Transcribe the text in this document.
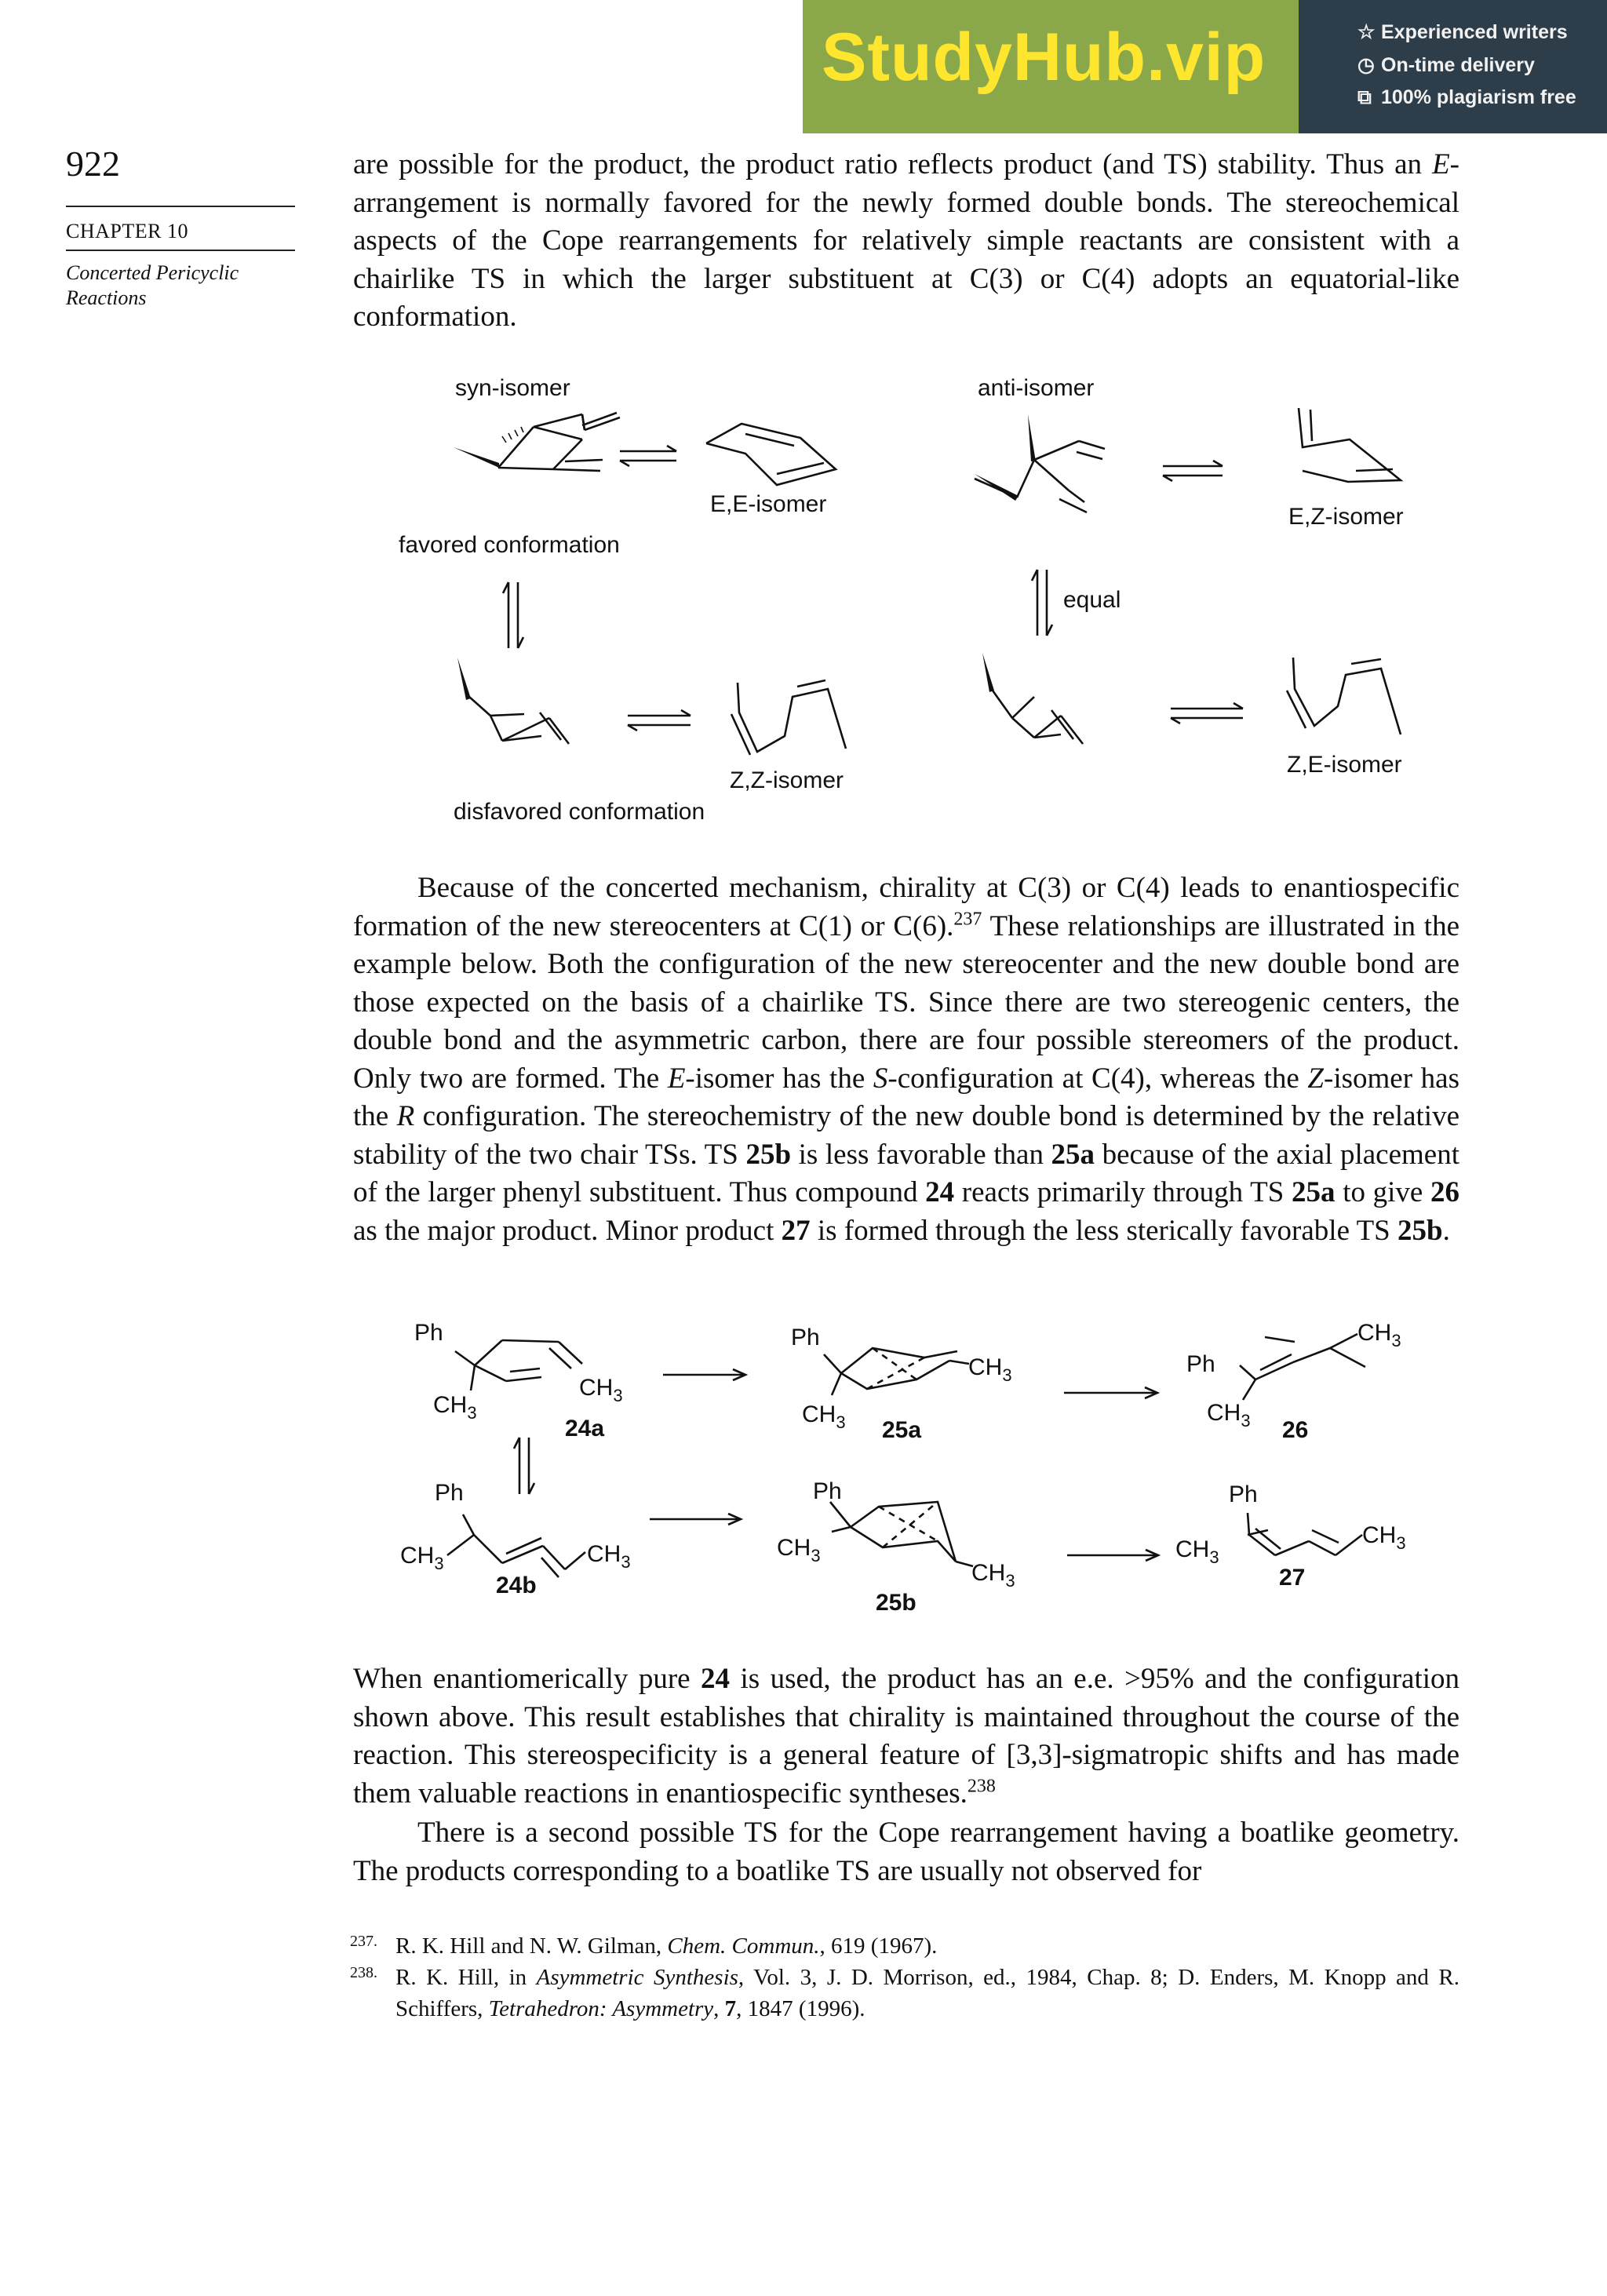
StudyHub.vip	☆ Experienced writers
◷ On-time delivery
⧉ 100% plagiarism free
922
CHAPTER 10
Concerted Pericyclic Reactions
are possible for the product, the product ratio reflects product (and TS) stability. Thus an E-arrangement is normally favored for the newly formed double bonds. The stereochemical aspects of the Cope rearrangements for relatively simple reactants are consistent with a chairlike TS in which the larger substituent at C(3) or C(4) adopts an equatorial-like conformation.
syn-isomer	anti-isomer
E,E-isomer	E,Z-isomer
favored conformation
equal
Z,Z-isomer
Z,E-isomer
disfavored conformation
Because of the concerted mechanism, chirality at C(3) or C(4) leads to enantiospecific formation of the new stereocenters at C(1) or C(6).$^{237}$ These relationships are illustrated in the example below. Both the configuration of the new stereocenter and the new double bond are those expected on the basis of a chairlike TS. Since there are two stereogenic centers, the double bond and the asymmetric carbon, there are four possible stereomers of the product. Only two are formed. The E-isomer has the S-configuration at C(4), whereas the Z-isomer has the R configuration. The stereochemistry of the new double bond is determined by the relative stability of the two chair TSs. TS 25b is less favorable than 25a because of the axial placement of the larger phenyl substituent. Thus compound 24 reacts primarily through TS 25a to give 26 as the major product. Minor product 27 is formed through the less sterically favorable TS 25b.
Ph
$CH_3$
$CH_3$
24a
Ph
$CH_3$
$CH_3$ 25a
Ph
$CH_3$
$CH_3$ 26
Ph
$CH_3$	$CH_3$
24b
Ph
$CH_3$
$CH_3$
25b
Ph
$CH_3$
$CH_3$
27
When enantiomerically pure 24 is used, the product has an e.e. >95% and the configuration shown above. This result establishes that chirality is maintained throughout the course of the reaction. This stereospecificity is a general feature of [3,3]-sigmatropic shifts and has made them valuable reactions in enantiospecific syntheses.$^{238}$
There is a second possible TS for the Cope rearrangement having a boatlike geometry. The products corresponding to a boatlike TS are usually not observed for
237. R. K. Hill and N. W. Gilman, Chem. Commun., 619 (1967).
238. R. K. Hill, in Asymmetric Synthesis, Vol. 3, J. D. Morrison, ed., 1984, Chap. 8; D. Enders, M. Knopp and R. Schiffers, Tetrahedron: Asymmetry, 7, 1847 (1996).
